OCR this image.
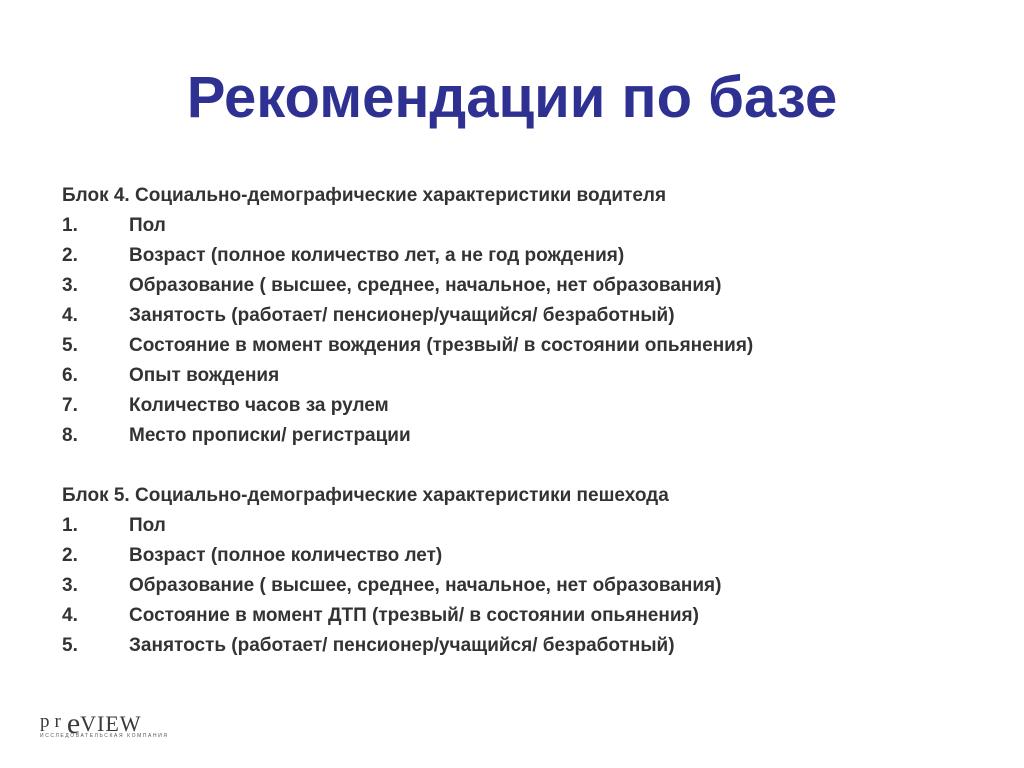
Рекомендации по базе
Блок 4. Социально-демографические характеристики водителя
1.	Пол
2.	Возраст (полное количество лет, а не год рождения)
3.	Образование ( высшее, среднее, начальное, нет образования)
4.	Занятость (работает/ пенсионер/учащийся/ безработный)
5.	Состояние в момент вождения (трезвый/ в состоянии опьянения)
6.	Опыт вождения
7.	Количество часов за рулем
8.	Место прописки/ регистрации
Блок 5. Социально-демографические характеристики пешехода
1.	Пол
2.	Возраст (полное количество лет)
3.	Образование ( высшее, среднее, начальное, нет образования)
4.	Состояние в момент ДТП (трезвый/ в состоянии опьянения)
5.	Занятость (работает/ пенсионер/учащийся/ безработный)
preVIEW
ИССЛЕДОВАТЕЛЬСКАЯ КОМПАНИЯ
